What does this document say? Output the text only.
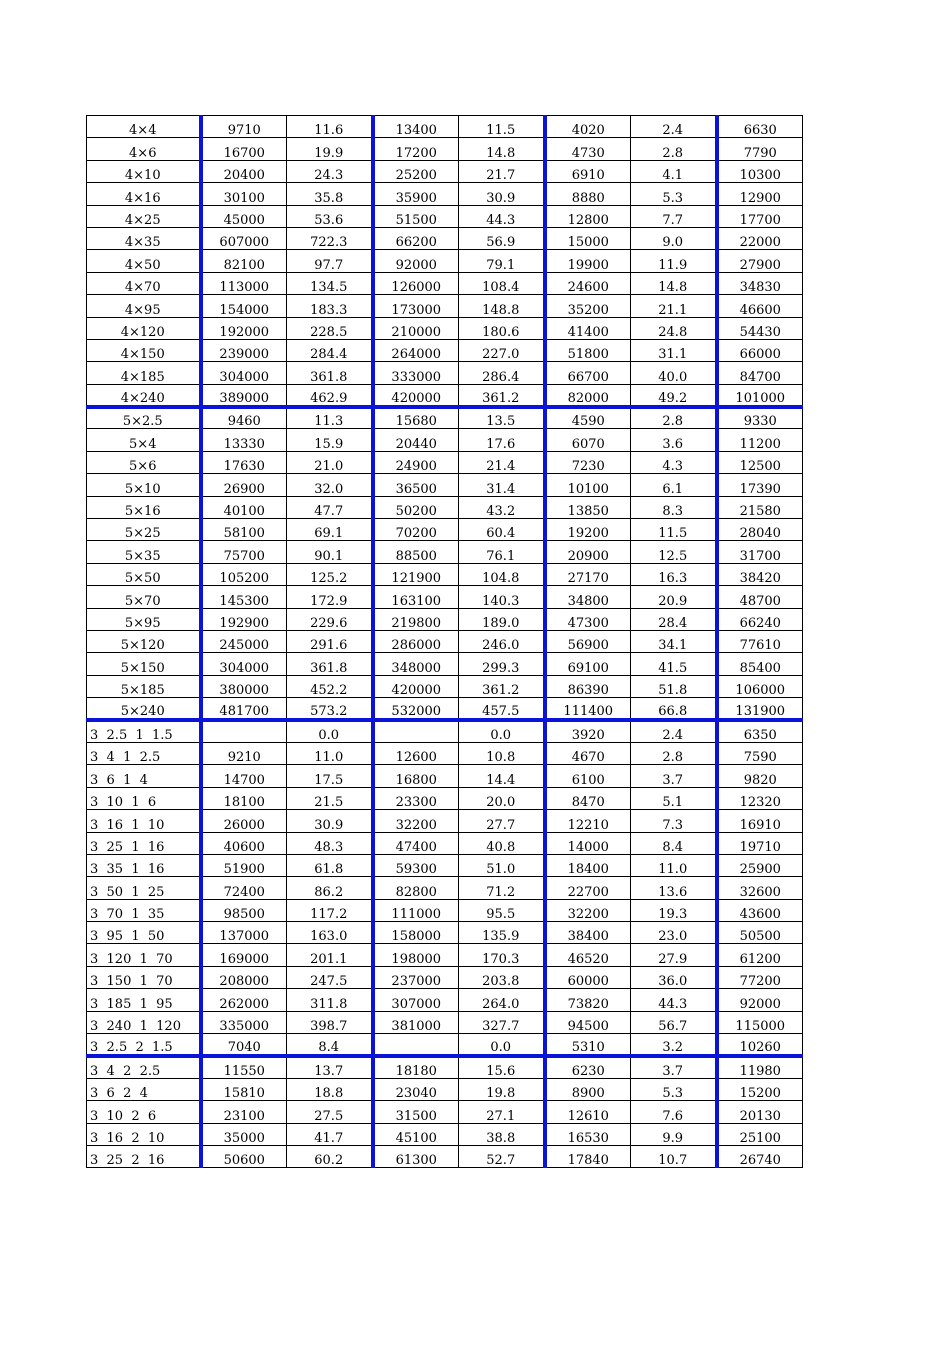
4×4	9710	11.6	13400	11.5	4020	2.4	6630
4×6	16700	19.9	17200	14.8	4730	2.8	7790
4×10	20400	24.3	25200	21.7	6910	4.1	10300
4×16	30100	35.8	35900	30.9	8880	5.3	12900
4×25	45000	53.6	51500	44.3	12800	7.7	17700
4×35	607000	722.3	66200	56.9	15000	9.0	22000
4×50	82100	97.7	92000	79.1	19900	11.9	27900
4×70	113000	134.5	126000	108.4	24600	14.8	34830
4×95	154000	183.3	173000	148.8	35200	21.1	46600
4×120	192000	228.5	210000	180.6	41400	24.8	54430
4×150	239000	284.4	264000	227.0	51800	31.1	66000
4×185	304000	361.8	333000	286.4	66700	40.0	84700
4×240	389000	462.9	420000	361.2	82000	49.2	101000
5×2.5	9460	11.3	15680	13.5	4590	2.8	9330
5×4	13330	15.9	20440	17.6	6070	3.6	11200
5×6	17630	21.0	24900	21.4	7230	4.3	12500
5×10	26900	32.0	36500	31.4	10100	6.1	17390
5×16	40100	47.7	50200	43.2	13850	8.3	21580
5×25	58100	69.1	70200	60.4	19200	11.5	28040
5×35	75700	90.1	88500	76.1	20900	12.5	31700
5×50	105200	125.2	121900	104.8	27170	16.3	38420
5×70	145300	172.9	163100	140.3	34800	20.9	48700
5×95	192900	229.6	219800	189.0	47300	28.4	66240
5×120	245000	291.6	286000	246.0	56900	34.1	77610
5×150	304000	361.8	348000	299.3	69100	41.5	85400
5×185	380000	452.2	420000	361.2	86390	51.8	106000
5×240	481700	573.2	532000	457.5	111400	66.8	131900
3  2.5  1  1.5		0.0		0.0	3920	2.4	6350
3  4  1  2.5	9210	11.0	12600	10.8	4670	2.8	7590
3  6  1  4	14700	17.5	16800	14.4	6100	3.7	9820
3  10  1  6	18100	21.5	23300	20.0	8470	5.1	12320
3  16  1  10	26000	30.9	32200	27.7	12210	7.3	16910
3  25  1  16	40600	48.3	47400	40.8	14000	8.4	19710
3  35  1  16	51900	61.8	59300	51.0	18400	11.0	25900
3  50  1  25	72400	86.2	82800	71.2	22700	13.6	32600
3  70  1  35	98500	117.2	111000	95.5	32200	19.3	43600
3  95  1  50	137000	163.0	158000	135.9	38400	23.0	50500
3  120  1  70	169000	201.1	198000	170.3	46520	27.9	61200
3  150  1  70	208000	247.5	237000	203.8	60000	36.0	77200
3  185  1  95	262000	311.8	307000	264.0	73820	44.3	92000
3  240  1  120	335000	398.7	381000	327.7	94500	56.7	115000
3  2.5  2  1.5	7040	8.4		0.0	5310	3.2	10260
3  4  2  2.5	11550	13.7	18180	15.6	6230	3.7	11980
3  6  2  4	15810	18.8	23040	19.8	8900	5.3	15200
3  10  2  6	23100	27.5	31500	27.1	12610	7.6	20130
3  16  2  10	35000	41.7	45100	38.8	16530	9.9	25100
3  25  2  16	50600	60.2	61300	52.7	17840	10.7	26740
